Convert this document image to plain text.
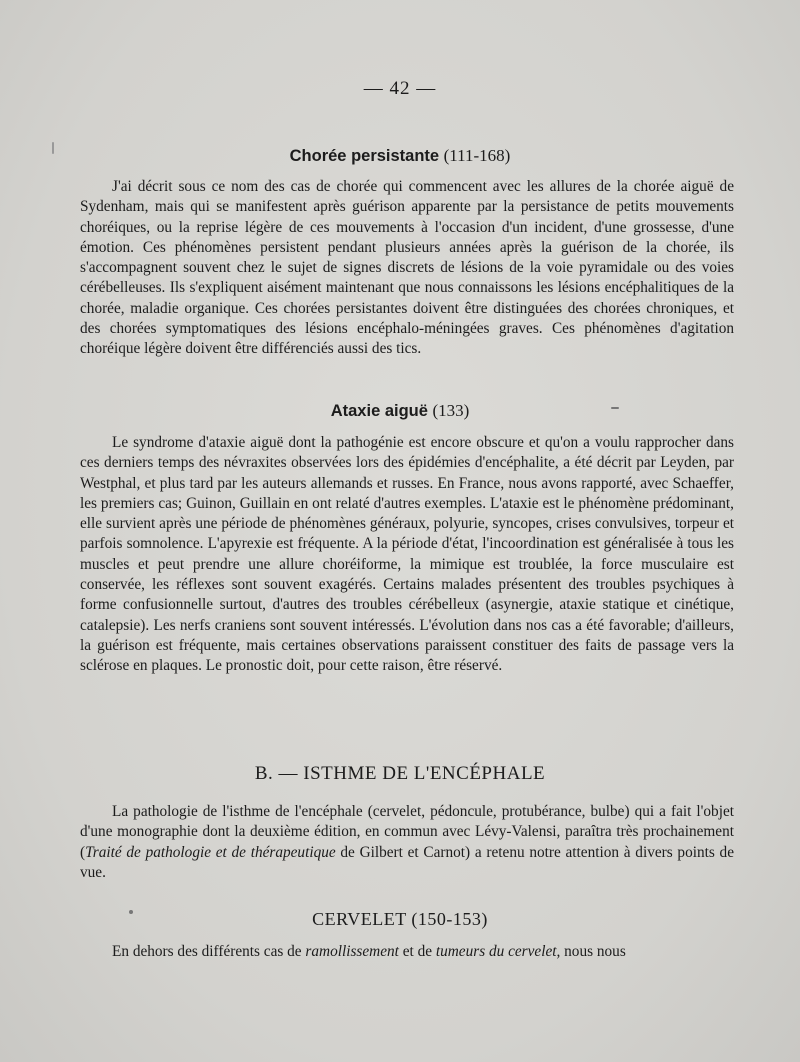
— 42 —
Chorée persistante (111-168)

J'ai décrit sous ce nom des cas de chorée qui commencent avec les allures de la chorée aiguë de Sydenham, mais qui se manifestent après guérison apparente par la persistance de petits mouvements choréiques, ou la reprise légère de ces mouvements à l'occasion d'un incident, d'une grossesse, d'une émotion. Ces phénomènes persistent pendant plusieurs années après la guérison de la chorée, ils s'accompagnent souvent chez le sujet de signes discrets de lésions de la voie pyramidale ou des voies cérébelleuses. Ils s'expliquent aisément maintenant que nous connaissons les lésions encéphalitiques de la chorée, maladie organique. Ces chorées persistantes doivent être distinguées des chorées chroniques, et des chorées symptomatiques des lésions encéphalo-méningées graves. Ces phénomènes d'agitation choréique légère doivent être différenciés aussi des tics.

Ataxie aiguë (133)

Le syndrome d'ataxie aiguë dont la pathogénie est encore obscure et qu'on a voulu rapprocher dans ces derniers temps des névraxites observées lors des épidémies d'encéphalite, a été décrit par Leyden, par Westphal, et plus tard par les auteurs allemands et russes. En France, nous avons rapporté, avec Schaeffer, les premiers cas; Guinon, Guillain en ont relaté d'autres exemples. L'ataxie est le phénomène prédominant, elle survient après une période de phénomènes généraux, polyurie, syncopes, crises convulsives, torpeur et parfois somnolence. L'apyrexie est fréquente. A la période d'état, l'incoordination est généralisée à tous les muscles et peut prendre une allure choréiforme, la mimique est troublée, la force musculaire est conservée, les réflexes sont souvent exagérés. Certains malades présentent des troubles psychiques à forme confusionnelle surtout, d'autres des troubles cérébelleux (asynergie, ataxie statique et cinétique, catalepsie). Les nerfs craniens sont souvent intéressés. L'évolution dans nos cas a été favorable; d'ailleurs, la guérison est fréquente, mais certaines observations paraissent constituer des faits de passage vers la sclérose en plaques. Le pronostic doit, pour cette raison, être réservé.

B. — ISTHME DE L'ENCÉPHALE

La pathologie de l'isthme de l'encéphale (cervelet, pédoncule, protubérance, bulbe) qui a fait l'objet d'une monographie dont la deuxième édition, en commun avec Lévy-Valensi, paraîtra très prochainement (Traité de pathologie et de thérapeutique de Gilbert et Carnot) a retenu notre attention à divers points de vue.

CERVELET (150-153)

En dehors des différents cas de ramollissement et de tumeurs du cervelet, nous nous
